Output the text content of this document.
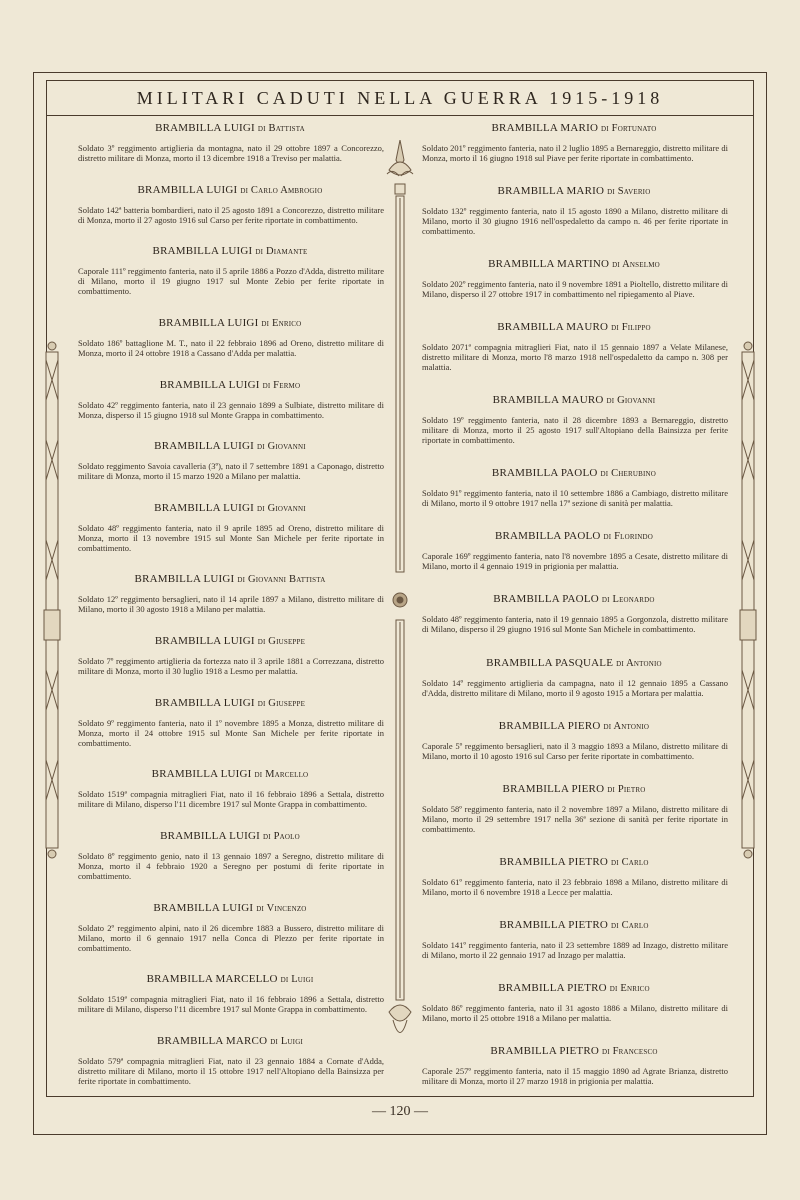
MILITARI CADUTI NELLA GUERRA 1915-1918
BRAMBILLA LUIGI di Battista
Soldato 3º reggimento artiglieria da montagna, nato il 29 ottobre 1897 a Concorezzo, distretto militare di Monza, morto il 13 dicembre 1918 a Treviso per malattia.
BRAMBILLA LUIGI di Carlo Ambrogio
Soldato 142ª batteria bombardieri, nato il 25 agosto 1891 a Concorezzo, distretto militare di Monza, morto il 27 agosto 1916 sul Carso per ferite riportate in combattimento.
BRAMBILLA LUIGI di Diamante
Caporale 111º reggimento fanteria, nato il 5 aprile 1886 a Pozzo d'Adda, distretto militare di Milano, morto il 19 giugno 1917 sul Monte Zebio per ferite riportate in combattimento.
BRAMBILLA LUIGI di Enrico
Soldato 186º battaglione M. T., nato il 22 febbraio 1896 ad Oreno, distretto militare di Monza, morto il 24 ottobre 1918 a Cassano d'Adda per malattia.
BRAMBILLA LUIGI di Fermo
Soldato 42º reggimento fanteria, nato il 23 gennaio 1899 a Sulbiate, distretto militare di Monza, disperso il 15 giugno 1918 sul Monte Grappa in combattimento.
BRAMBILLA LUIGI di Giovanni
Soldato reggimento Savoia cavalleria (3º), nato il 7 settembre 1891 a Caponago, distretto militare di Monza, morto il 15 marzo 1920 a Milano per malattia.
BRAMBILLA LUIGI di Giovanni
Soldato 48º reggimento fanteria, nato il 9 aprile 1895 ad Oreno, distretto militare di Monza, morto il 13 novembre 1915 sul Monte San Michele per ferite riportate in combattimento.
BRAMBILLA LUIGI di Giovanni Battista
Soldato 12º reggimento bersaglieri, nato il 14 aprile 1897 a Milano, distretto militare di Milano, morto il 30 agosto 1918 a Milano per malattia.
BRAMBILLA LUIGI di Giuseppe
Soldato 7º reggimento artiglieria da fortezza nato il 3 aprile 1881 a Correzzana, distretto militare di Monza, morto il 30 luglio 1918 a Lesmo per malattia.
BRAMBILLA LUIGI di Giuseppe
Soldato 9º reggimento fanteria, nato il 1º novembre 1895 a Monza, distretto militare di Monza, morto il 24 ottobre 1915 sul Monte San Michele per ferite riportate in combattimento.
BRAMBILLA LUIGI di Marcello
Soldato 1519ª compagnia mitraglieri Fiat, nato il 16 febbraio 1896 a Settala, distretto militare di Milano, disperso l'11 dicembre 1917 sul Monte Grappa in combattimento.
BRAMBILLA LUIGI di Paolo
Soldato 8º reggimento genio, nato il 13 gennaio 1897 a Seregno, distretto militare di Monza, morto il 4 febbraio 1920 a Seregno per postumi di ferite riportate in combattimento.
BRAMBILLA LUIGI di Vincenzo
Soldato 2º reggimento alpini, nato il 26 dicembre 1883 a Bussero, distretto militare di Milano, morto il 6 gennaio 1917 nella Conca di Plezzo per ferite riportate in combattimento.
BRAMBILLA MARCELLO di Luigi
Soldato 1519ª compagnia mitraglieri Fiat, nato il 16 febbraio 1896 a Settala, distretto militare di Milano, disperso l'11 dicembre 1917 sul Monte Grappa in combattimento.
BRAMBILLA MARCO di Luigi
Soldato 579ª compagnia mitraglieri Fiat, nato il 23 gennaio 1884 a Cornate d'Adda, distretto militare di Milano, morto il 15 ottobre 1917 nell'Altopiano della Bainsizza per ferite riportate in combattimento.
BRAMBILLA MARIO di Fortunato
Soldato 201º reggimento fanteria, nato il 2 luglio 1895 a Bernareggio, distretto militare di Monza, morto il 16 giugno 1918 sul Piave per ferite riportate in combattimento.
BRAMBILLA MARIO di Saverio
Soldato 132º reggimento fanteria, nato il 15 agosto 1890 a Milano, distretto militare di Milano, morto il 30 giugno 1916 nell'ospedaletto da campo n. 46 per ferite riportate in combattimento.
BRAMBILLA MARTINO di Anselmo
Soldato 202º reggimento fanteria, nato il 9 novembre 1891 a Pioltello, distretto militare di Milano, disperso il 27 ottobre 1917 in combattimento nel ripiegamento al Piave.
BRAMBILLA MAURO di Filippo
Soldato 2071ª compagnia mitraglieri Fiat, nato il 15 gennaio 1897 a Velate Milanese, distretto militare di Monza, morto l'8 marzo 1918 nell'ospedaletto da campo n. 308 per malattia.
BRAMBILLA MAURO di Giovanni
Soldato 19º reggimento fanteria, nato il 28 dicembre 1893 a Bernareggio, distretto militare di Monza, morto il 25 agosto 1917 sull'Altopiano della Bainsizza per ferite riportate in combattimento.
BRAMBILLA PAOLO di Cherubino
Soldato 91º reggimento fanteria, nato il 10 settembre 1886 a Cambiago, distretto militare di Milano, morto il 9 ottobre 1917 nella 17ª sezione di sanità per malattia.
BRAMBILLA PAOLO di Florindo
Caporale 169º reggimento fanteria, nato l'8 novembre 1895 a Cesate, distretto militare di Milano, morto il 4 gennaio 1919 in prigionia per malattia.
BRAMBILLA PAOLO di Leonardo
Soldato 48º reggimento fanteria, nato il 19 gennaio 1895 a Gorgonzola, distretto militare di Milano, disperso il 29 giugno 1916 sul Monte San Michele in combattimento.
BRAMBILLA PASQUALE di Antonio
Soldato 14º reggimento artiglieria da campagna, nato il 12 gennaio 1895 a Cassano d'Adda, distretto militare di Milano, morto il 9 agosto 1915 a Mortara per malattia.
BRAMBILLA PIERO di Antonio
Caporale 5º reggimento bersaglieri, nato il 3 maggio 1893 a Milano, distretto militare di Milano, morto il 10 agosto 1916 sul Carso per ferite riportate in combattimento.
BRAMBILLA PIERO di Pietro
Soldato 58º reggimento fanteria, nato il 2 novembre 1897 a Milano, distretto militare di Milano, morto il 29 settembre 1917 nella 36ª sezione di sanità per ferite riportate in combattimento.
BRAMBILLA PIETRO di Carlo
Soldato 61º reggimento fanteria, nato il 23 febbraio 1898 a Milano, distretto militare di Milano, morto il 6 novembre 1918 a Lecce per malattia.
BRAMBILLA PIETRO di Carlo
Soldato 141º reggimento fanteria, nato il 23 settembre 1889 ad Inzago, distretto militare di Milano, morto il 22 gennaio 1917 ad Inzago per malattia.
BRAMBILLA PIETRO di Enrico
Soldato 86º reggimento fanteria, nato il 31 agosto 1886 a Milano, distretto militare di Milano, morto il 25 ottobre 1918 a Milano per malattia.
BRAMBILLA PIETRO di Francesco
Caporale 257º reggimento fanteria, nato il 15 maggio 1890 ad Agrate Brianza, distretto militare di Monza, morto il 27 marzo 1918 in prigionia per malattia.
— 120 —
